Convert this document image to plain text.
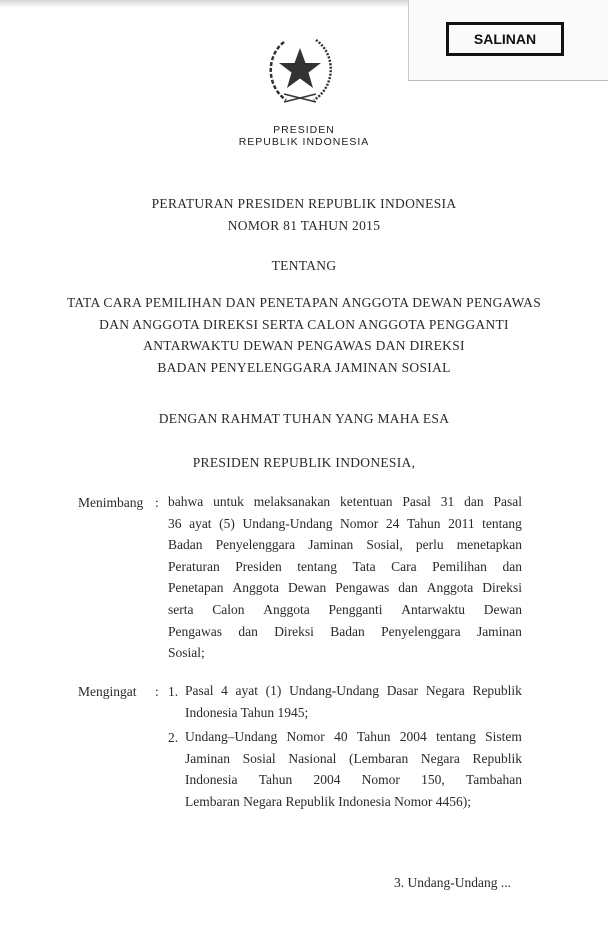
SALINAN
PRESIDEN
REPUBLIK INDONESIA
PERATURAN PRESIDEN REPUBLIK INDONESIA
NOMOR 81 TAHUN 2015
TENTANG
TATA CARA PEMILIHAN DAN PENETAPAN ANGGOTA DEWAN PENGAWAS
DAN ANGGOTA DIREKSI SERTA CALON ANGGOTA PENGGANTI
ANTARWAKTU DEWAN PENGAWAS DAN DIREKSI
BADAN PENYELENGGARA JAMINAN SOSIAL
DENGAN RAHMAT TUHAN YANG MAHA ESA
PRESIDEN REPUBLIK INDONESIA,
Menimbang : bahwa untuk melaksanakan ketentuan Pasal 31 dan Pasal
36 ayat (5) Undang-Undang Nomor 24 Tahun 2011 tentang
Badan Penyelenggara Jaminan Sosial, perlu menetapkan
Peraturan Presiden tentang Tata Cara Pemilihan dan
Penetapan Anggota Dewan Pengawas dan Anggota Direksi
serta Calon Anggota Pengganti Antarwaktu Dewan
Pengawas dan Direksi Badan Penyelenggara Jaminan
Sosial;
Mengingat : 1. Pasal 4 ayat (1) Undang-Undang Dasar Negara Republik
Indonesia Tahun 1945;
2. Undang–Undang Nomor 40 Tahun 2004 tentang Sistem
Jaminan Sosial Nasional (Lembaran Negara Republik
Indonesia Tahun 2004 Nomor 150, Tambahan
Lembaran Negara Republik Indonesia Nomor 4456);
3. Undang-Undang ...
